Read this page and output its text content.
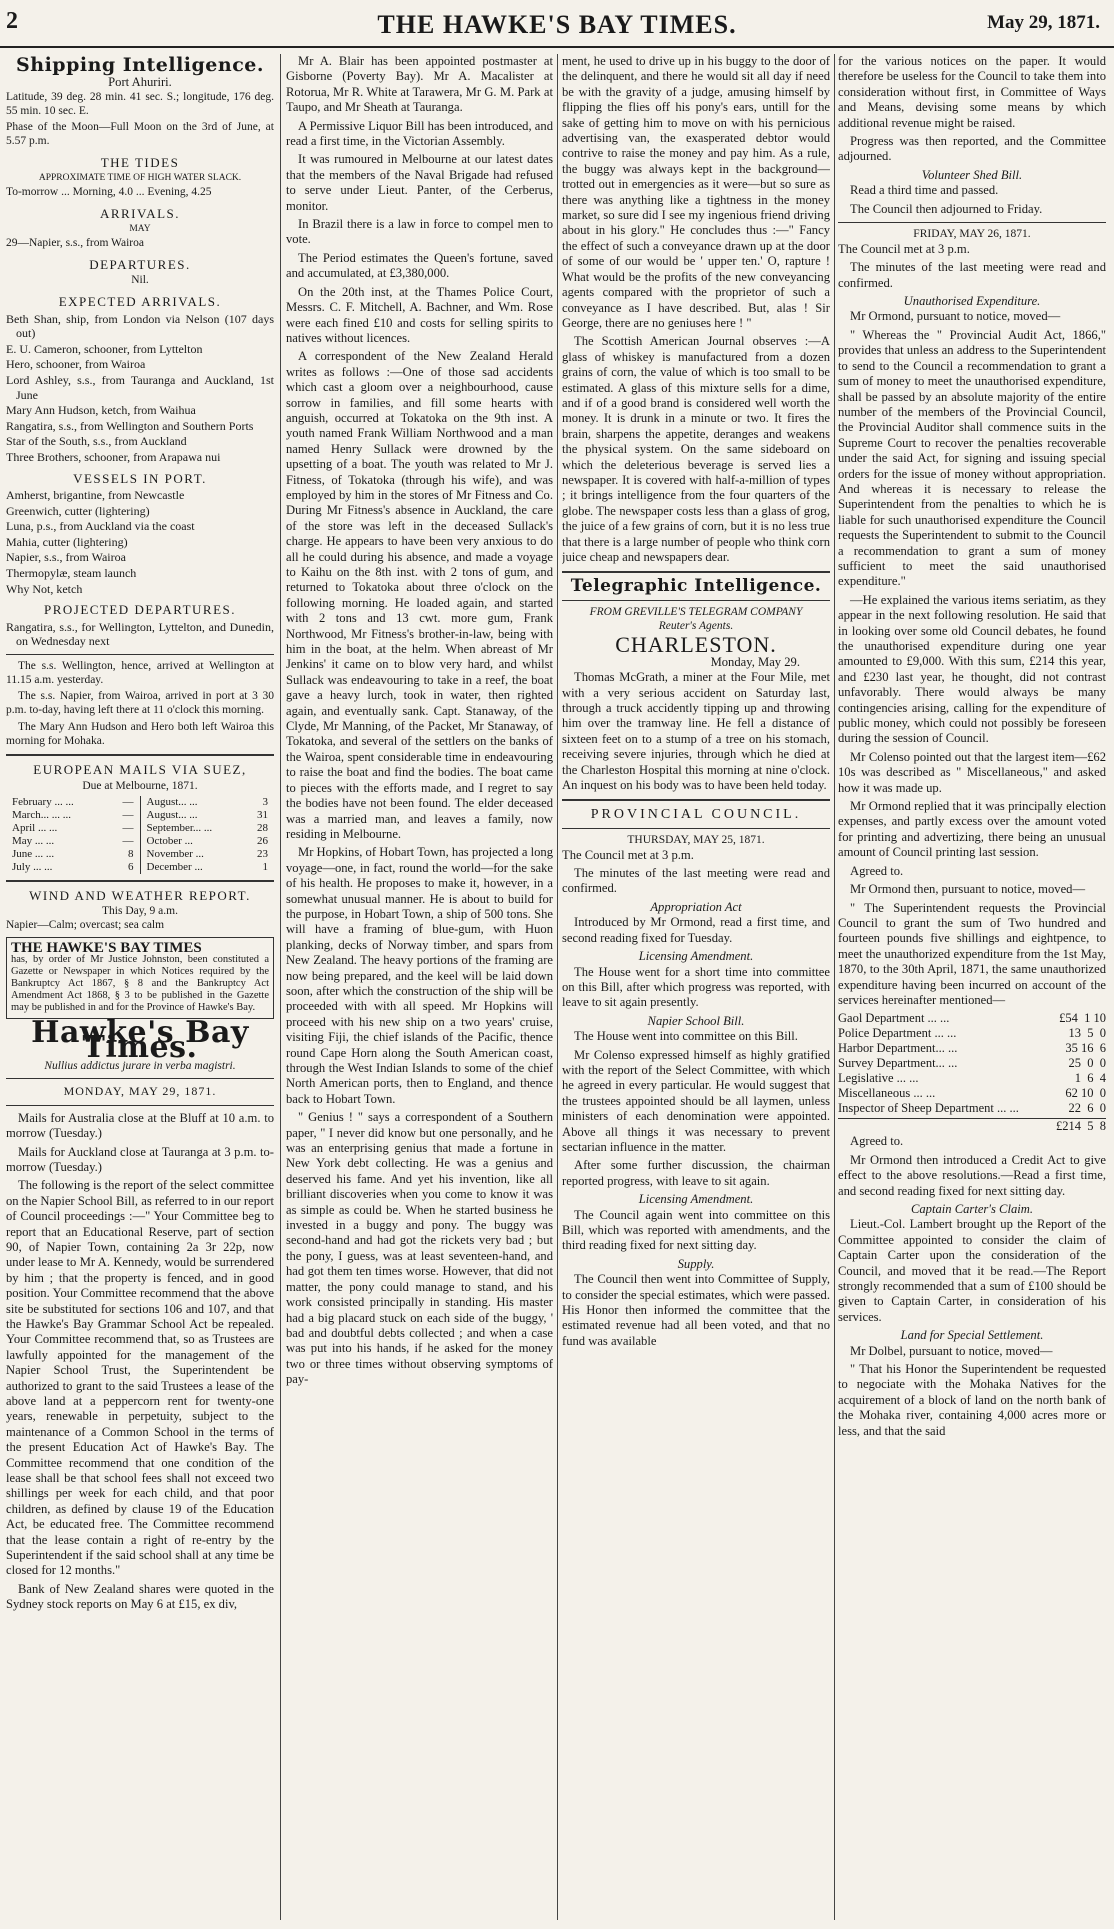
2	THE HAWKE'S BAY TIMES.	May 29, 1871.
Shipping Intelligence.
Port Ahuriri.

Latitude, 39 deg. 28 min. 41 sec. S.; longitude, 176 deg. 55 min. 10 sec. E.

Phase of the Moon—Full Moon on the 3rd of June, at 5.57 p.m.

THE TIDES
APPROXIMATE TIME OF HIGH WATER SLACK.
To-morrow ... Morning, 4.0 ... Evening, 4.25
ARRIVALS.
MAY
29—Napier, s.s., from Wairoa
DEPARTURES.
Nil.
EXPECTED ARRIVALS.
Beth Shan, ship, from London via Nelson (107 days out)
E. U. Cameron, schooner, from Lyttelton
Hero, schooner, from Wairoa
Lord Ashley, s.s., from Tauranga and Auckland, 1st June
Mary Ann Hudson, ketch, from Waihua
Rangatira, s.s., from Wellington and Southern Ports
Star of the South, s.s., from Auckland
Three Brothers, schooner, from Arapawa nui
VESSELS IN PORT.
Amherst, brigantine, from Newcastle
Greenwich, cutter (lightering)
Luna, p.s., from Auckland via the coast
Mahia, cutter (lightering)
Napier, s.s., from Wairoa
Thermopylæ, steam launch
Why Not, ketch
PROJECTED DEPARTURES.
Rangatira, s.s., for Wellington, Lyttelton, and Dunedin, on Wednesday next

The s.s. Wellington, hence, arrived at Wellington at 11.15 a.m. yesterday.

The s.s. Napier, from Wairoa, arrived in port at 3 30 p.m. to-day, having left there at 11 o'clock this morning.

The Mary Ann Hudson and Hero both left Wairoa this morning for Mohaka.

EUROPEAN MAILS VIA SUEZ,
Due at Melbourne, 1871.
February ... ...	—
March... ... ...	—
April ... ...	—
May ... ...	—
June ... ...	8
July ... ...	6
August... ...	3
August... ...	31
September... ...	28
October ...	26
November ...	23
December ...	1
WIND AND WEATHER REPORT.
This Day, 9 a.m.
Napier—Calm; overcast; sea calm
THE HAWKE'S BAY TIMES
has, by order of Mr Justice Johnston, been constituted a Gazette or Newspaper in which Notices required by the Bankruptcy Act 1867, § 8 and the Bankruptcy Act Amendment Act 1868, § 3 to be published in the Gazette may be published in and for the Province of Hawke's Bay.
Hawke's Bay Times.
Nullius addictus jurare in verba magistri.
MONDAY, MAY 29, 1871.

Mails for Australia close at the Bluff at 10 a.m. to morrow (Tuesday.)

Mails for Auckland close at Tauranga at 3 p.m. to-morrow (Tuesday.)

The following is the report of the select committee on the Napier School Bill, as referred to in our report of Council proceedings :—" Your Committee beg to report that an Educational Reserve, part of section 90, of Napier Town, containing 2a 3r 22p, now under lease to Mr A. Kennedy, would be surrendered by him ; that the property is fenced, and in good position. Your Committee recommend that the above site be substituted for sections 106 and 107, and that the Hawke's Bay Grammar School Act be repealed. Your Committee recommend that, so as Trustees are lawfully appointed for the management of the Napier School Trust, the Superintendent be authorized to grant to the said Trustees a lease of the above land at a peppercorn rent for twenty-one years, renewable in perpetuity, subject to the maintenance of a Common School in the terms of the present Education Act of Hawke's Bay. The Committee recommend that one condition of the lease shall be that school fees shall not exceed two shillings per week for each child, and that poor children, as defined by clause 19 of the Education Act, be educated free. The Committee recommend that the lease contain a right of re-entry by the Superintendent if the said school shall at any time be closed for 12 months."

Bank of New Zealand shares were quoted in the Sydney stock reports on May 6 at £15, ex div,

Mr A. Blair has been appointed postmaster at Gisborne (Poverty Bay). Mr A. Macalister at Rotorua, Mr R. White at Tarawera, Mr G. M. Park at Taupo, and Mr Sheath at Tauranga.

A Permissive Liquor Bill has been introduced, and read a first time, in the Victorian Assembly.

It was rumoured in Melbourne at our latest dates that the members of the Naval Brigade had refused to serve under Lieut. Panter, of the Cerberus, monitor.

In Brazil there is a law in force to compel men to vote.

The Period estimates the Queen's fortune, saved and accumulated, at £3,380,000.

On the 20th inst, at the Thames Police Court, Messrs. C. F. Mitchell, A. Bachner, and Wm. Rose were each fined £10 and costs for selling spirits to natives without licences.

A correspondent of the New Zealand Herald writes as follows :—One of those sad accidents which cast a gloom over a neighbourhood, cause sorrow in families, and fill some hearts with anguish, occurred at Tokatoka on the 9th inst. A youth named Frank William Northwood and a man named Henry Sullack were drowned by the upsetting of a boat. The youth was related to Mr J. Fitness, of Tokatoka (through his wife), and was employed by him in the stores of Mr Fitness and Co. During Mr Fitness's absence in Auckland, the care of the store was left in the deceased Sullack's charge. He appears to have been very anxious to do all he could during his absence, and made a voyage to Kaihu on the 8th inst. with 2 tons of gum, and returned to Tokatoka about three o'clock on the following morning. He loaded again, and started with 2 tons and 13 cwt. more gum, Frank Northwood, Mr Fitness's brother-in-law, being with him in the boat, at the helm. When abreast of Mr Jenkins' it came on to blow very hard, and whilst Sullack was endeavouring to take in a reef, the boat gave a heavy lurch, took in water, then righted again, and eventually sank. Capt. Stanaway, of the Clyde, Mr Manning, of the Packet, Mr Stanaway, of Tokatoka, and several of the settlers on the banks of the Wairoa, spent considerable time in endeavouring to raise the boat and find the bodies. The boat came to pieces with the efforts made, and I regret to say the bodies have not been found. The elder deceased was a married man, and leaves a family, now residing in Melbourne.

Mr Hopkins, of Hobart Town, has projected a long voyage—one, in fact, round the world—for the sake of his health. He proposes to make it, however, in a somewhat unusual manner. He is about to build for the purpose, in Hobart Town, a ship of 500 tons. She will have a framing of blue-gum, with Huon planking, decks of Norway timber, and spars from New Zealand. The heavy portions of the framing are now being prepared, and the keel will be laid down soon, after which the construction of the ship will be proceeded with with all speed. Mr Hopkins will proceed with his new ship on a two years' cruise, visiting Fiji, the chief islands of the Pacific, thence round Cape Horn along the South American coast, through the West Indian Islands to some of the chief North American ports, then to England, and thence back to Hobart Town.

" Genius ! " says a correspondent of a Southern paper, " I never did know but one personally, and he was an enterprising genius that made a fortune in New York debt collecting. He was a genius and deserved his fame. And yet his invention, like all brilliant discoveries when you come to know it was as simple as could be. When he started business he invested in a buggy and pony. The buggy was second-hand and had got the rickets very bad ; but the pony, I guess, was at least seventeen-hand, and had got them ten times worse. However, that did not matter, the pony could manage to stand, and his work consisted principally in standing. His master had a big placard stuck on each side of the buggy, ' bad and doubtful debts collected ; and when a case was put into his hands, if he asked for the money two or three times without observing symptoms of pay-

ment, he used to drive up in his buggy to the door of the delinquent, and there he would sit all day if need be with the gravity of a judge, amusing himself by flipping the flies off his pony's ears, untill for the sake of getting him to move on with his pernicious advertising van, the exasperated debtor would contrive to raise the money and pay him. As a rule, the buggy was always kept in the background—trotted out in emergencies as it were—but so sure as there was anything like a tightness in the money market, so sure did I see my ingenious friend driving about in his glory." He concludes thus :—" Fancy the effect of such a conveyance drawn up at the door of some of our would be ' upper ten.' O, rapture ! What would be the profits of the new conveyancing agents compared with the proprietor of such a conveyance as I have described. But, alas ! Sir George, there are no geniuses here ! "

The Scottish American Journal observes :—A glass of whiskey is manufactured from a dozen grains of corn, the value of which is too small to be estimated. A glass of this mixture sells for a dime, and if of a good brand is considered well worth the money. It is drunk in a minute or two. It fires the brain, sharpens the appetite, deranges and weakens the physical system. On the same sideboard on which the deleterious beverage is served lies a newspaper. It is covered with half-a-million of types ; it brings intelligence from the four quarters of the globe. The newspaper costs less than a glass of grog, the juice of a few grains of corn, but it is no less true that there is a large number of people who think corn juice cheap and newspapers dear.

Telegraphic Intelligence.
FROM GREVILLE'S TELEGRAM COMPANY
Reuter's Agents.
CHARLESTON.
Monday, May 29.

Thomas McGrath, a miner at the Four Mile, met with a very serious accident on Saturday last, through a truck accidently tipping up and throwing him over the tramway line. He fell a distance of sixteen feet on to a stump of a tree on his stomach, receiving severe injuries, through which he died at the Charleston Hospital this morning at nine o'clock. An inquest on his body was to have been held today.

PROVINCIAL COUNCIL.
THURSDAY, MAY 25, 1871.

The Council met at 3 p.m.

The minutes of the last meeting were read and confirmed.

Appropriation Act

Introduced by Mr Ormond, read a first time, and second reading fixed for Tuesday.

Licensing Amendment.

The House went for a short time into committee on this Bill, after which progress was reported, with leave to sit again presently.

Napier School Bill.

The House went into committee on this Bill.

Mr Colenso expressed himself as highly gratified with the report of the Select Committee, with which he agreed in every particular. He would suggest that the trustees appointed should be all laymen, unless ministers of each denomination were appointed. Above all things it was necessary to prevent sectarian influence in the matter.

After some further discussion, the chairman reported progress, with leave to sit again.

Licensing Amendment.

The Council again went into committee on this Bill, which was reported with amendments, and the third reading fixed for next sitting day.

Supply.

The Council then went into Committee of Supply, to consider the special estimates, which were passed. His Honor then informed the committee that the estimated revenue had all been voted, and that no fund was available

for the various notices on the paper. It would therefore be useless for the Council to take them into consideration without first, in Committee of Ways and Means, devising some means by which additional revenue might be raised.

Progress was then reported, and the Committee adjourned.

Volunteer Shed Bill.

Read a third time and passed.

The Council then adjourned to Friday.

FRIDAY, MAY 26, 1871.

The Council met at 3 p.m.

The minutes of the last meeting were read and confirmed.

Unauthorised Expenditure.

Mr Ormond, pursuant to notice, moved—

" Whereas the " Provincial Audit Act, 1866," provides that unless an address to the Superintendent to send to the Council a recommendation to grant a sum of money to meet the unauthorised expenditure, shall be passed by an absolute majority of the entire number of the members of the Provincial Council, the Provincial Auditor shall commence suits in the Supreme Court to recover the penalties recoverable under the said Act, for signing and issuing special orders for the issue of money without appropriation. And whereas it is necessary to release the Superintendent from the penalties to which he is liable for such unauthorised expenditure the Council requests the Superintendent to submit to the Council a recommendation to grant a sum of money sufficient to meet the said unauthorised expenditure."

—He explained the various items seriatim, as they appear in the next following resolution. He said that in looking over some old Council debates, he found the unauthorised expenditure during one year amounted to £9,000. With this sum, £214 this year, and £230 last year, he thought, did not contrast unfavorably. There would always be many contingencies arising, calling for the expenditure of public money, which could not possibly be foreseen during the session of Council.

Mr Colenso pointed out that the largest item—£62 10s was described as " Miscellaneous," and asked how it was made up.

Mr Ormond replied that it was principally election expenses, and partly excess over the amount voted for printing and advertizing, there being an unusual amount of Council printing last session.

Agreed to.

Mr Ormond then, pursuant to notice, moved—

" The Superintendent requests the Provincial Council to grant the sum of Two hundred and fourteen pounds five shillings and eightpence, to meet the unauthorized expenditure from the 1st May, 1870, to the 30th April, 1871, the same unauthorized expenditure having been incurred on account of the services hereinafter mentioned—

Gaol Department ... ...	£54  1 10
Police Department ... ...	13  5  0
Harbor Department... ...	35 16  6
Survey Department... ...	25  0  0
Legislative ... ...	1  6  4
Miscellaneous ... ...	62 10  0
Inspector of Sheep Department ... ...	22  6  0
£214  5  8

Agreed to.

Mr Ormond then introduced a Credit Act to give effect to the above resolutions.—Read a first time, and second reading fixed for next sitting day.

Captain Carter's Claim.

Lieut.-Col. Lambert brought up the Report of the Committee appointed to consider the claim of Captain Carter upon the consideration of the Council, and moved that it be read.—The Report strongly recommended that a sum of £100 should be given to Captain Carter, in consideration of his services.

Land for Special Settlement.

Mr Dolbel, pursuant to notice, moved—

" That his Honor the Superintendent be requested to negociate with the Mohaka Natives for the acquirement of a block of land on the north bank of the Mohaka river, containing 4,000 acres more or less, and that the said
